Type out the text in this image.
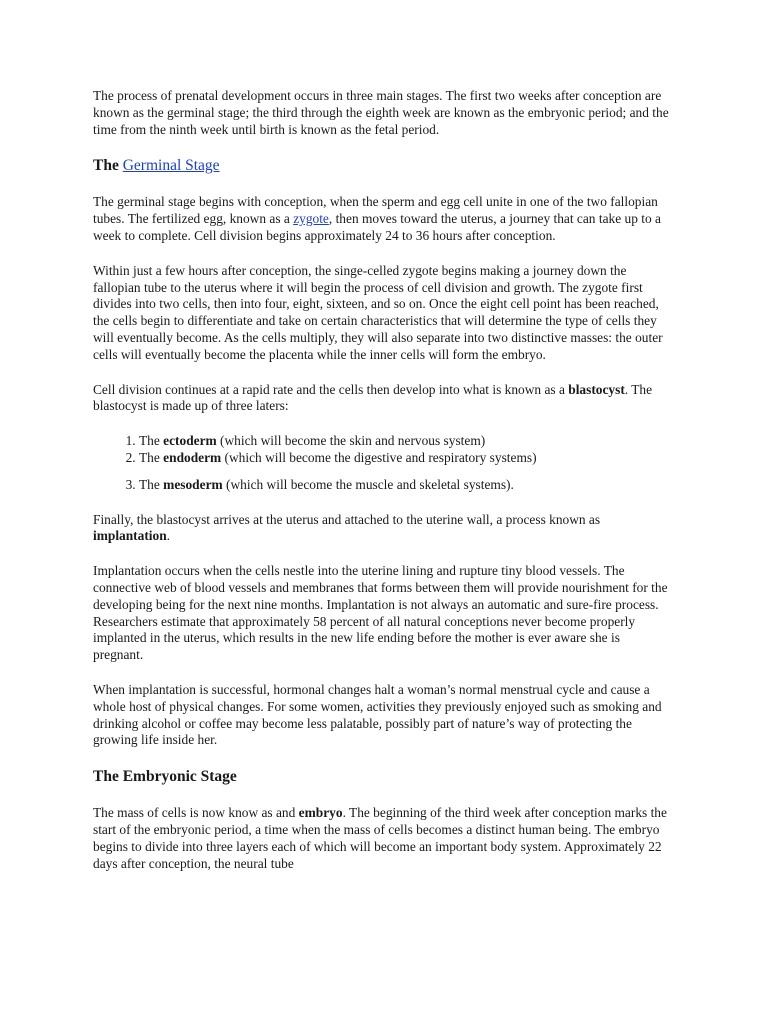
The process of prenatal development occurs in three main stages. The first two weeks after conception are known as the germinal stage; the third through the eighth week are known as the embryonic period; and the time from the ninth week until birth is known as the fetal period.

The Germinal Stage

The germinal stage begins with conception, when the sperm and egg cell unite in one of the two fallopian tubes. The fertilized egg, known as a zygote, then moves toward the uterus, a journey that can take up to a week to complete. Cell division begins approximately 24 to 36 hours after conception.

Within just a few hours after conception, the singe-celled zygote begins making a journey down the fallopian tube to the uterus where it will begin the process of cell division and growth. The zygote first divides into two cells, then into four, eight, sixteen, and so on. Once the eight cell point has been reached, the cells begin to differentiate and take on certain characteristics that will determine the type of cells they will eventually become. As the cells multiply, they will also separate into two distinctive masses: the outer cells will eventually become the placenta while the inner cells will form the embryo.

Cell division continues at a rapid rate and the cells then develop into what is known as a blastocyst. The blastocyst is made up of three laters:

1. The ectoderm (which will become the skin and nervous system)
2. The endoderm (which will become the digestive and respiratory systems)
3. The mesoderm (which will become the muscle and skeletal systems).

Finally, the blastocyst arrives at the uterus and attached to the uterine wall, a process known as implantation.

Implantation occurs when the cells nestle into the uterine lining and rupture tiny blood vessels. The connective web of blood vessels and membranes that forms between them will provide nourishment for the developing being for the next nine months. Implantation is not always an automatic and sure-fire process. Researchers estimate that approximately 58 percent of all natural conceptions never become properly implanted in the uterus, which results in the new life ending before the mother is ever aware she is pregnant.

When implantation is successful, hormonal changes halt a woman’s normal menstrual cycle and cause a whole host of physical changes. For some women, activities they previously enjoyed such as smoking and drinking alcohol or coffee may become less palatable, possibly part of nature’s way of protecting the growing life inside her.

The Embryonic Stage

The mass of cells is now know as and embryo. The beginning of the third week after conception marks the start of the embryonic period, a time when the mass of cells becomes a distinct human being. The embryo begins to divide into three layers each of which will become an important body system. Approximately 22 days after conception, the neural tube
